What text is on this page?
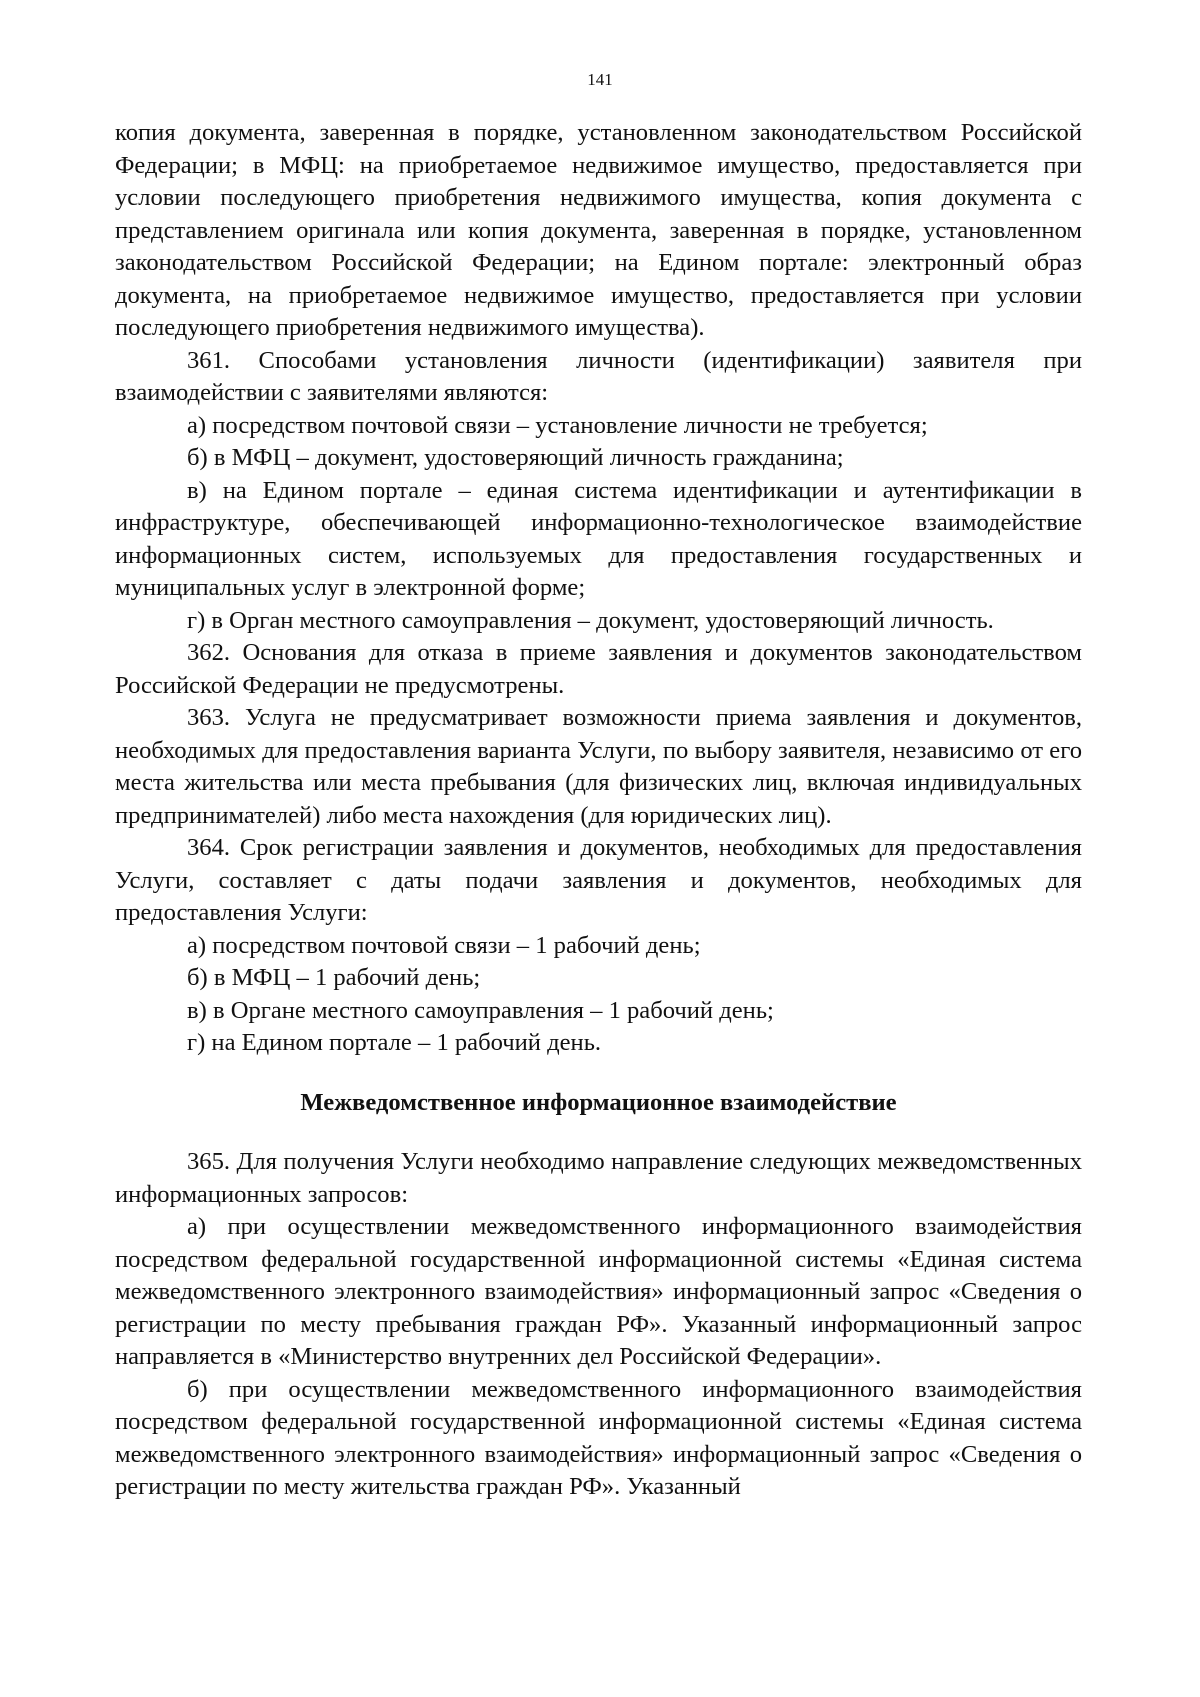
141

копия документа, заверенная в порядке, установленном законодательством Российской Федерации; в МФЦ: на приобретаемое недвижимое имущество, предоставляется при условии последующего приобретения недвижимого имущества, копия документа с представлением оригинала или копия документа, заверенная в порядке, установленном законодательством Российской Федерации; на Едином портале: электронный образ документа, на приобретаемое недвижимое имущество, предоставляется при условии последующего приобретения недвижимого имущества).

361. Способами установления личности (идентификации) заявителя при взаимодействии с заявителями являются:

а) посредством почтовой связи – установление личности не требуется;

б) в МФЦ – документ, удостоверяющий личность гражданина;

в) на Едином портале – единая система идентификации и аутентификации в инфраструктуре, обеспечивающей информационно-технологическое взаимодействие информационных систем, используемых для предоставления государственных и муниципальных услуг в электронной форме;

г) в Орган местного самоуправления – документ, удостоверяющий личность.

362. Основания для отказа в приеме заявления и документов законодательством Российской Федерации не предусмотрены.

363. Услуга не предусматривает возможности приема заявления и документов, необходимых для предоставления варианта Услуги, по выбору заявителя, независимо от его места жительства или места пребывания (для физических лиц, включая индивидуальных предпринимателей) либо места нахождения (для юридических лиц).

364. Срок регистрации заявления и документов, необходимых для предоставления Услуги, составляет с даты подачи заявления и документов, необходимых для предоставления Услуги:

а) посредством почтовой связи – 1 рабочий день;

б) в МФЦ – 1 рабочий день;

в) в Органе местного самоуправления – 1 рабочий день;

г) на Едином портале – 1 рабочий день.

Межведомственное информационное взаимодействие

365. Для получения Услуги необходимо направление следующих межведомственных информационных запросов:

а) при осуществлении межведомственного информационного взаимодействия посредством федеральной государственной информационной системы «Единая система межведомственного электронного взаимодействия» информационный запрос «Сведения о регистрации по месту пребывания граждан РФ». Указанный информационный запрос направляется в «Министерство внутренних дел Российской Федерации».

б) при осуществлении межведомственного информационного взаимодействия посредством федеральной государственной информационной системы «Единая система межведомственного электронного взаимодействия» информационный запрос «Сведения о регистрации по месту жительства граждан РФ». Указанный
